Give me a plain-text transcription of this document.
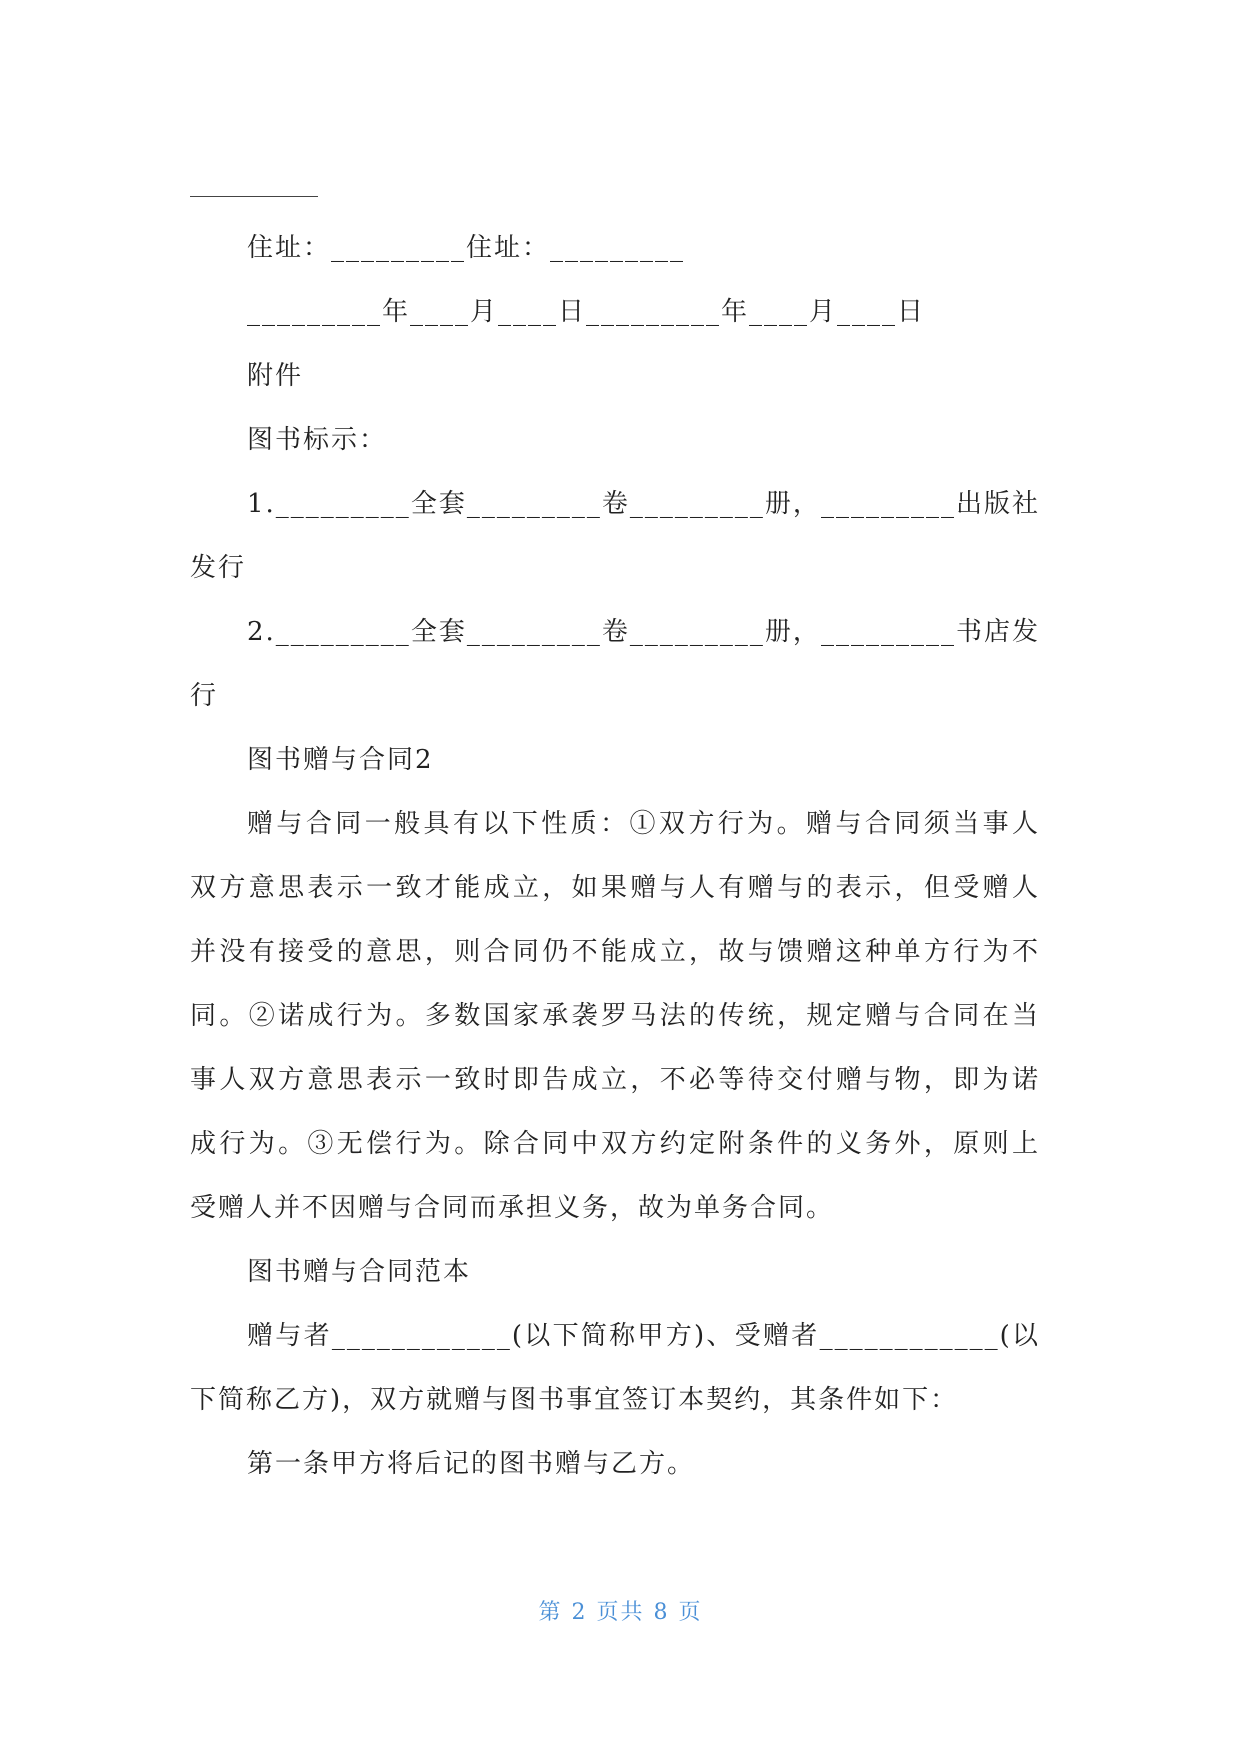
住址：_________住址：_________
_________年____月____日_________年____月____日
附件
图书标示：
1._________全套_________卷_________册，_________出版社
发行
2._________全套_________卷_________册，_________书店发
行
图书赠与合同2
赠与合同一般具有以下性质：①双方行为。赠与合同须当事人
双方意思表示一致才能成立，如果赠与人有赠与的表示，但受赠人
并没有接受的意思，则合同仍不能成立，故与馈赠这种单方行为不
同。②诺成行为。多数国家承袭罗马法的传统，规定赠与合同在当
事人双方意思表示一致时即告成立，不必等待交付赠与物，即为诺
成行为。③无偿行为。除合同中双方约定附条件的义务外，原则上
受赠人并不因赠与合同而承担义务，故为单务合同。
图书赠与合同范本
赠与者____________(以下简称甲方)、受赠者____________(以
下简称乙方)，双方就赠与图书事宜签订本契约，其条件如下：
第一条甲方将后记的图书赠与乙方。
第 2 页共 8 页
